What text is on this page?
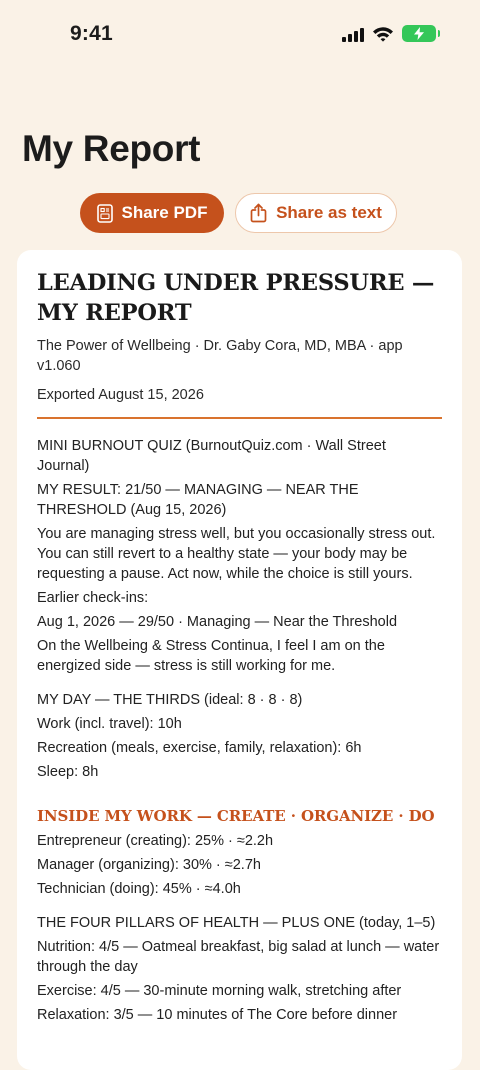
9:41
My Report
Share PDF	Share as text
LEADING UNDER PRESSURE — MY REPORT
The Power of Wellbeing · Dr. Gaby Cora, MD, MBA · app v1.060
Exported August 15, 2026

MINI BURNOUT QUIZ (BurnoutQuiz.com · Wall Street Journal)

MY RESULT: 21/50 — MANAGING — NEAR THE THRESHOLD (Aug 15, 2026)

You are managing stress well, but you occasionally stress out. You can still revert to a healthy state — your body may be requesting a pause. Act now, while the choice is still yours.

Earlier check-ins:

Aug 1, 2026 — 29/50 · Managing — Near the Threshold

On the Wellbeing & Stress Continua, I feel I am on the energized side — stress is still working for me.

MY DAY — THE THIRDS (ideal: 8 · 8 · 8)

Work (incl. travel): 10h

Recreation (meals, exercise, family, relaxation): 6h

Sleep: 8h

INSIDE MY WORK — CREATE · ORGANIZE · DO

Entrepreneur (creating): 25% · ≈2.2h

Manager (organizing): 30% · ≈2.7h

Technician (doing): 45% · ≈4.0h

THE FOUR PILLARS OF HEALTH — PLUS ONE (today, 1–5)

Nutrition: 4/5 — Oatmeal breakfast, big salad at lunch — water through the day

Exercise: 4/5 — 30-minute morning walk, stretching after

Relaxation: 3/5 — 10 minutes of The Core before dinner
